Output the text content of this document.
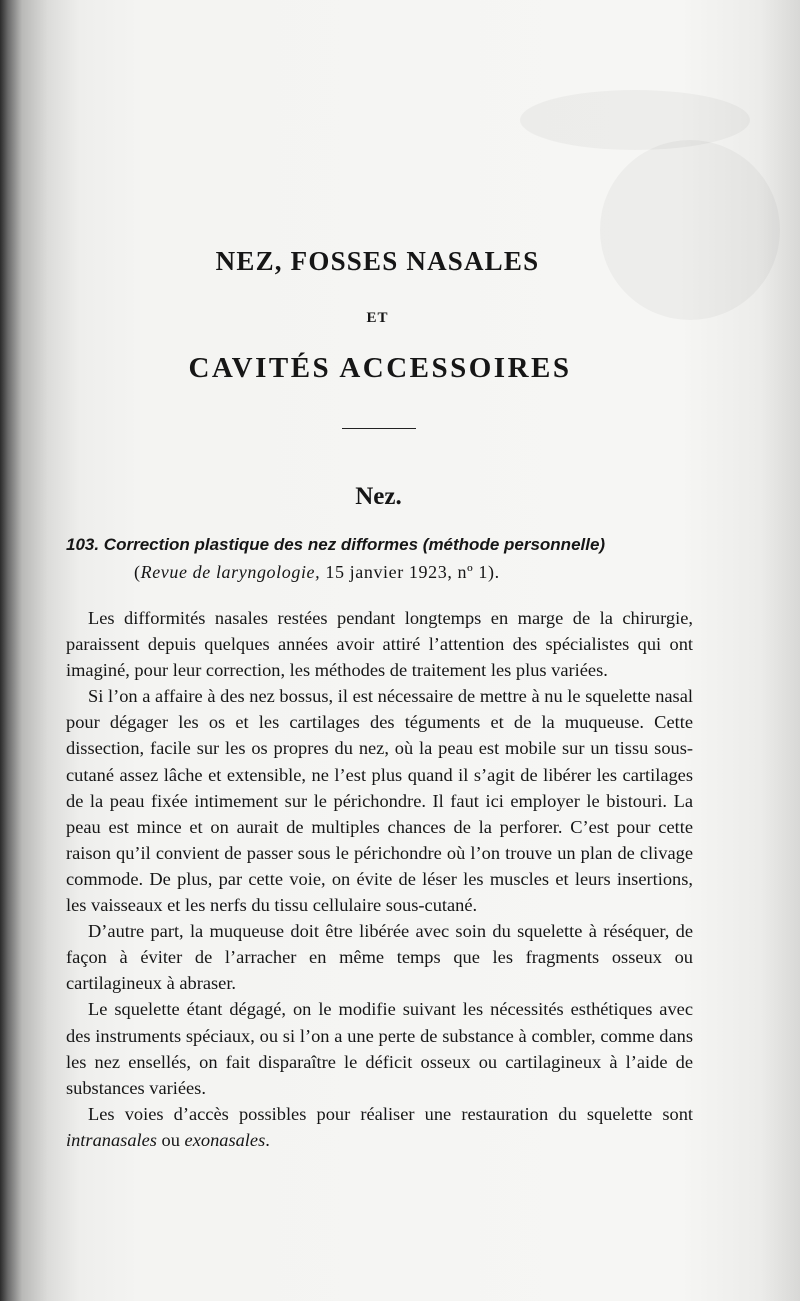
NEZ, FOSSES NASALES
ET
CAVITÉS ACCESSOIRES
Nez.
103. Correction plastique des nez difformes (méthode personnelle)
(Revue de laryngologie, 15 janvier 1923, nº 1).

Les difformités nasales restées pendant longtemps en marge de la chirurgie, paraissent depuis quelques années avoir attiré l’attention des spécialistes qui ont imaginé, pour leur correction, les méthodes de traitement les plus variées.

Si l’on a affaire à des nez bossus, il est nécessaire de mettre à nu le squelette nasal pour dégager les os et les cartilages des téguments et de la muqueuse. Cette dissection, facile sur les os propres du nez, où la peau est mobile sur un tissu sous-cutané assez lâche et extensible, ne l’est plus quand il s’agit de libérer les cartilages de la peau fixée intimement sur le périchondre. Il faut ici employer le bistouri. La peau est mince et on aurait de multiples chances de la perforer. C’est pour cette raison qu’il convient de passer sous le périchondre où l’on trouve un plan de clivage commode. De plus, par cette voie, on évite de léser les muscles et leurs insertions, les vaisseaux et les nerfs du tissu cellulaire sous-cutané.

D’autre part, la muqueuse doit être libérée avec soin du squelette à réséquer, de façon à éviter de l’arracher en même temps que les fragments osseux ou cartilagineux à abraser.

Le squelette étant dégagé, on le modifie suivant les nécessités esthétiques avec des instruments spéciaux, ou si l’on a une perte de substance à combler, comme dans les nez ensellés, on fait disparaître le déficit osseux ou cartilagineux à l’aide de substances variées.

Les voies d’accès possibles pour réaliser une restauration du squelette sont intranasales ou exonasales.
